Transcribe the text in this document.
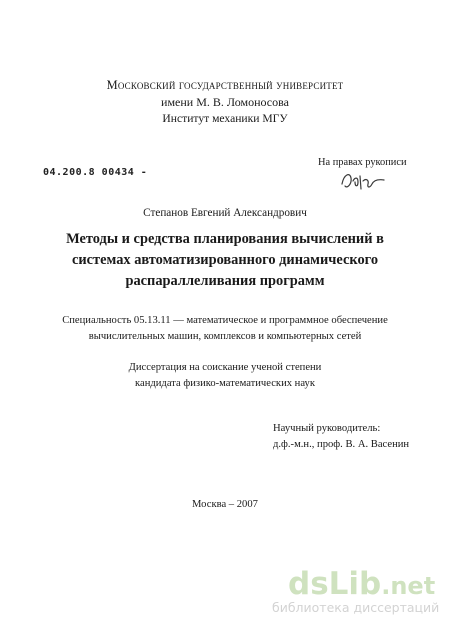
Московский государственный университет
имени М. В. Ломоносова
Институт механики МГУ
На правах рукописи
04.200.8 00434 -
Степанов Евгений Александрович
Методы и средства планирования вычислений в
системах автоматизированного динамического
распараллеливания программ
Специальность 05.13.11 — математическое и программное обеспечение
вычислительных машин, комплексов и компьютерных сетей
Диссертация на соискание ученой степени
кандидата физико-математических наук
Научный руководитель:
д.ф.-м.н., проф. В. А. Васенин
Москва – 2007
dsLib.net
библиотека диссертаций
